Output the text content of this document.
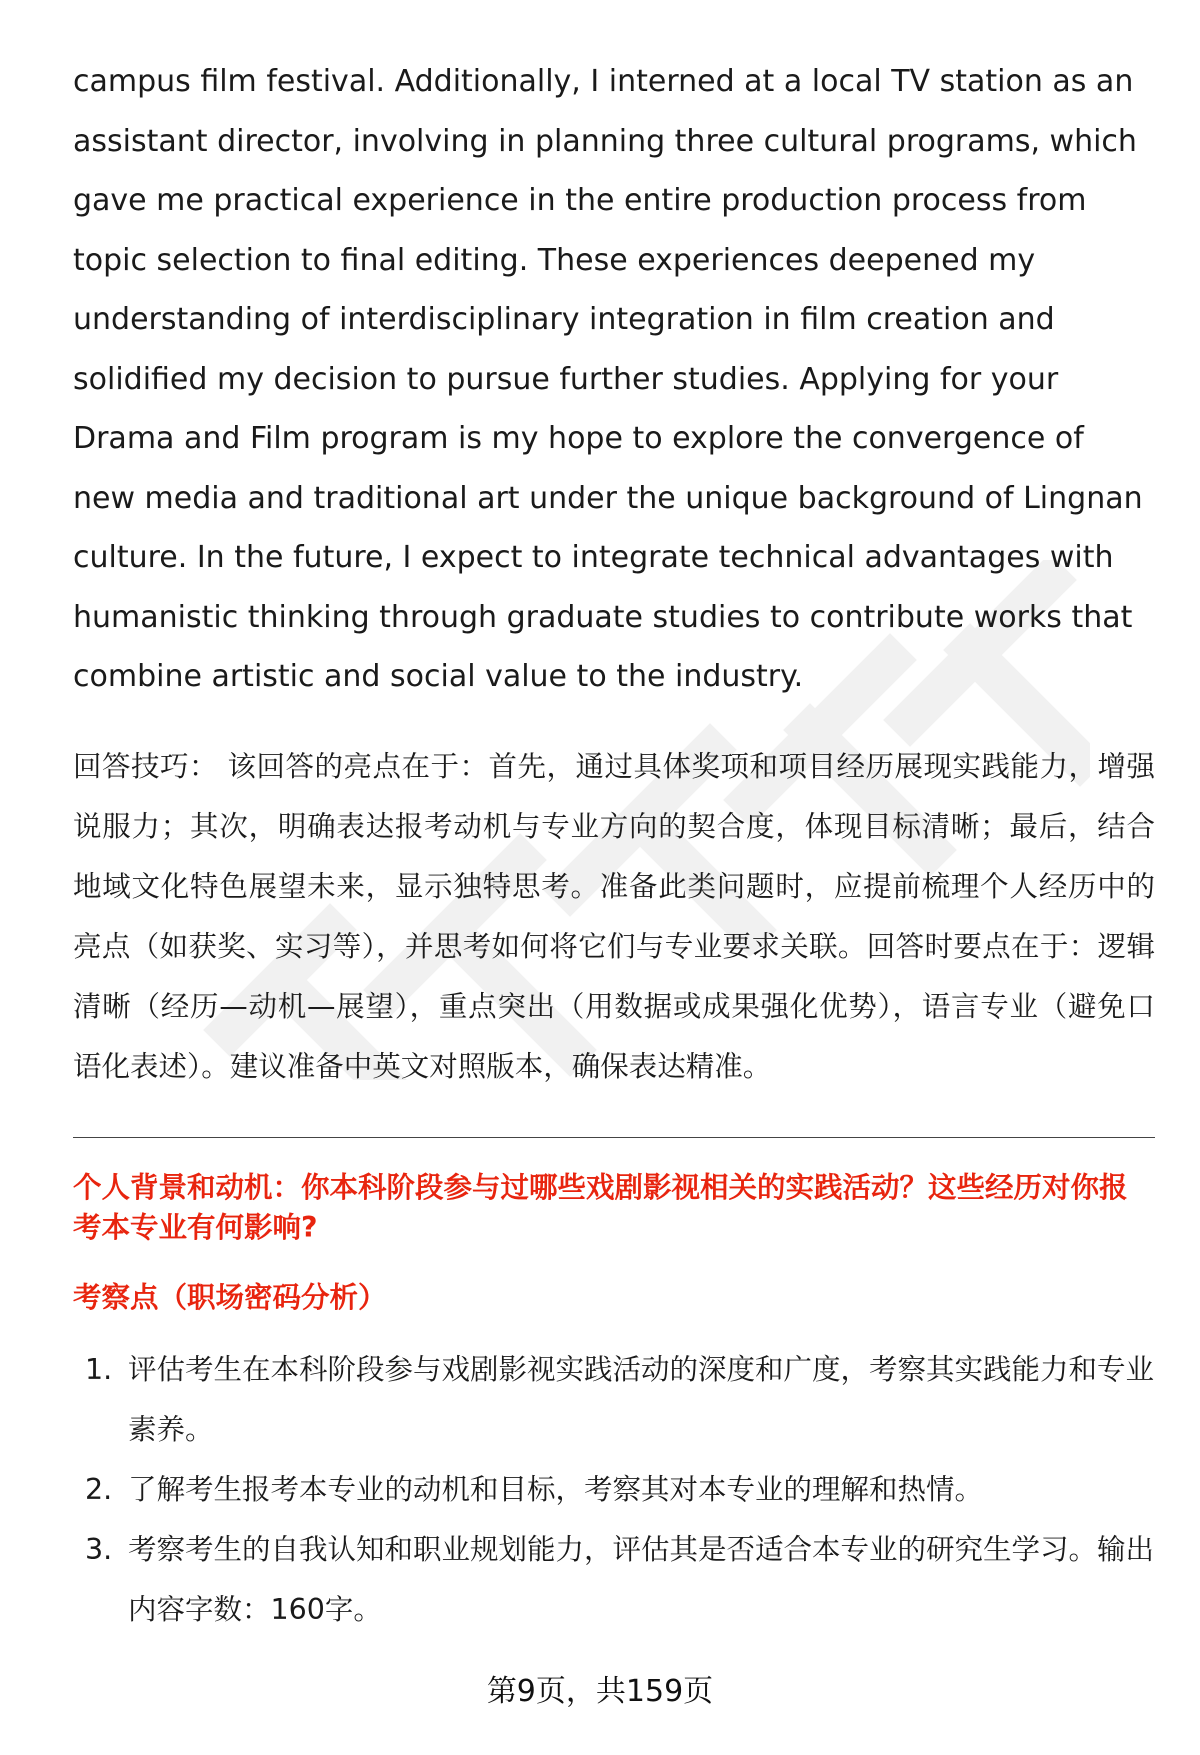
campus film festival. Additionally, I interned at a local TV station as an assistant director, involving in planning three cultural programs, which gave me practical experience in the entire production process from topic selection to final editing. These experiences deepened my understanding of interdisciplinary integration in film creation and solidified my decision to pursue further studies. Applying for your Drama and Film program is my hope to explore the convergence of new media and traditional art under the unique background of Lingnan culture. In the future, I expect to integrate technical advantages with humanistic thinking through graduate studies to contribute works that combine artistic and social value to the industry.

回答技巧： 该回答的亮点在于：首先，通过具体奖项和项目经历展现实践能力，增强说服力；其次，明确表达报考动机与专业方向的契合度，体现目标清晰；最后，结合地域文化特色展望未来，显示独特思考。准备此类问题时，应提前梳理个人经历中的亮点（如获奖、实习等），并思考如何将它们与专业要求关联。回答时要点在于：逻辑清晰（经历—动机—展望），重点突出（用数据或成果强化优势），语言专业（避免口语化表述）。建议准备中英文对照版本，确保表达精准。

个人背景和动机：你本科阶段参与过哪些戏剧影视相关的实践活动？这些经历对你报考本专业有何影响?
考察点（职场密码分析）
1. 评估考生在本科阶段参与戏剧影视实践活动的深度和广度，考察其实践能力和专业素养。
2. 了解考生报考本专业的动机和目标，考察其对本专业的理解和热情。
3. 考察考生的自我认知和职业规划能力，评估其是否适合本专业的研究生学习。输出内容字数：160字。
第9页，共159页
